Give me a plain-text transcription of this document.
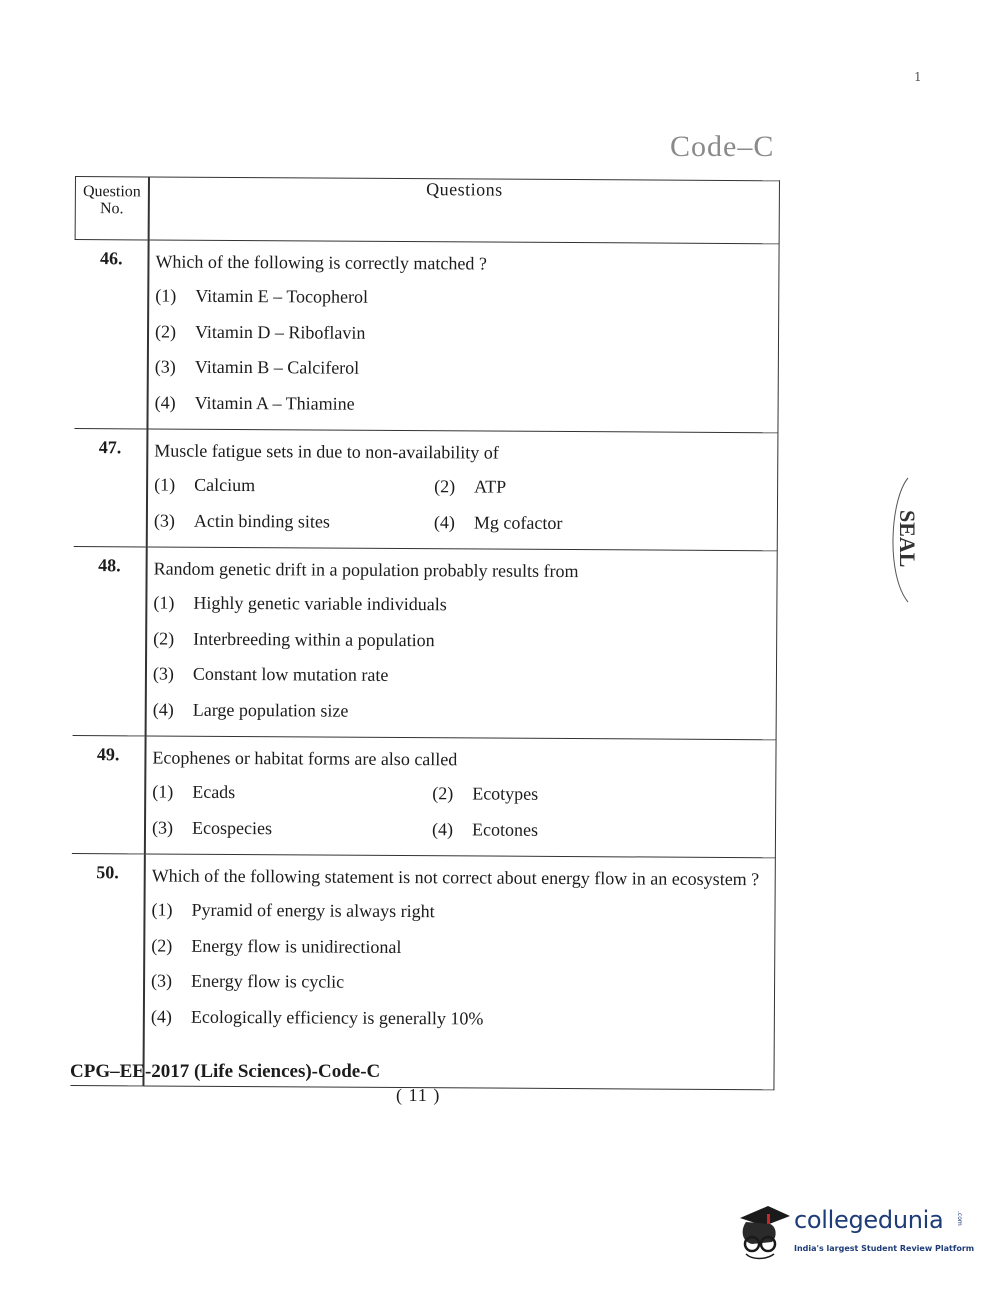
1
Code–C
Question
No.	Questions
46.	Which of the following is correctly matched ?
(1) Vitamin E – Tocopherol
(2) Vitamin D – Riboflavin
(3) Vitamin B – Calciferol
(4) Vitamin A – Thiamine

47.	Muscle fatigue sets in due to non-availability of
(1) Calcium (2) ATP
(3) Actin binding sites (4) Mg cofactor

48.	Random genetic drift in a population probably results from
(1) Highly genetic variable individuals
(2) Interbreeding within a population
(3) Constant low mutation rate
(4) Large population size

49.	Ecophenes or habitat forms are also called
(1) Ecads (2) Ecotypes
(3) Ecospecies (4) Ecotones

50.	Which of the following statement is not correct about energy flow in an ecosystem ?
(1) Pyramid of energy is always right
(2) Energy flow is unidirectional
(3) Energy flow is cyclic
(4) Ecologically efficiency is generally 10%
CPG–EE-2017 (Life Sciences)-Code-C
( 11 )
SEAL
collegedunia .com
India's largest Student Review Platform
